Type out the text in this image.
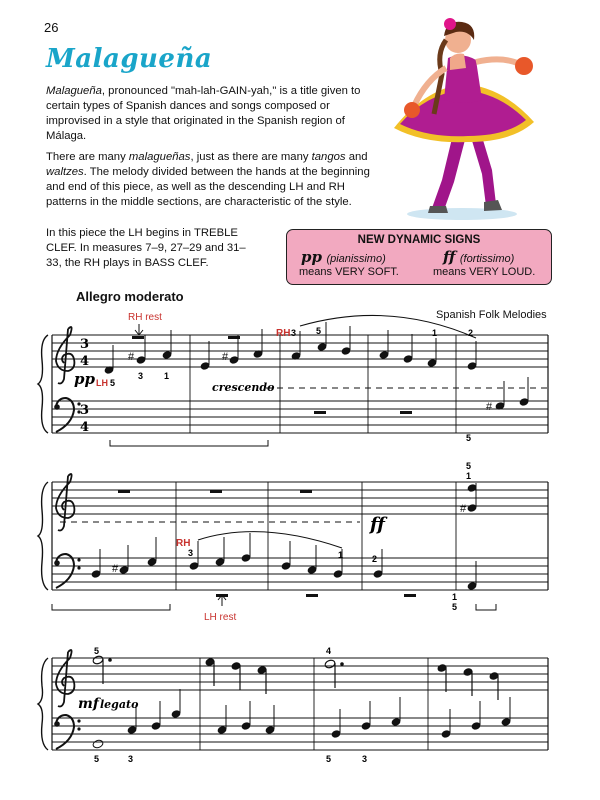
26
Malagueña
Malagueña, pronounced "mah-lah-GAIN-yah," is a title given to certain types of Spanish dances and songs composed or improvised in a style that originated in the Spanish region of Málaga.
There are many malagueñas, just as there are many tangos and waltzes. The melody divided between the hands at the beginning and end of this piece, as well as the descending LH and RH patterns in the middle sections, are characteristic of the style.
In this piece the LH begins in TREBLE CLEF. In measures 7–9, 27–29 and 31–33, the RH plays in BASS CLEF.
NEW DYNAMIC SIGNS
pp (pianissimo)
means VERY SOFT.
ff (fortissimo)
means VERY LOUD.
Allegro moderato
Spanish Folk Melodies
3
4
3
4
#
RH rest
pp LH 5
3 1
#
crescendo
#
RH 3 5	1	2
5
ff
#
#
RH
3	1	2
5
1
1
5
LH rest
mf legato
5	4
5	3	5	3
